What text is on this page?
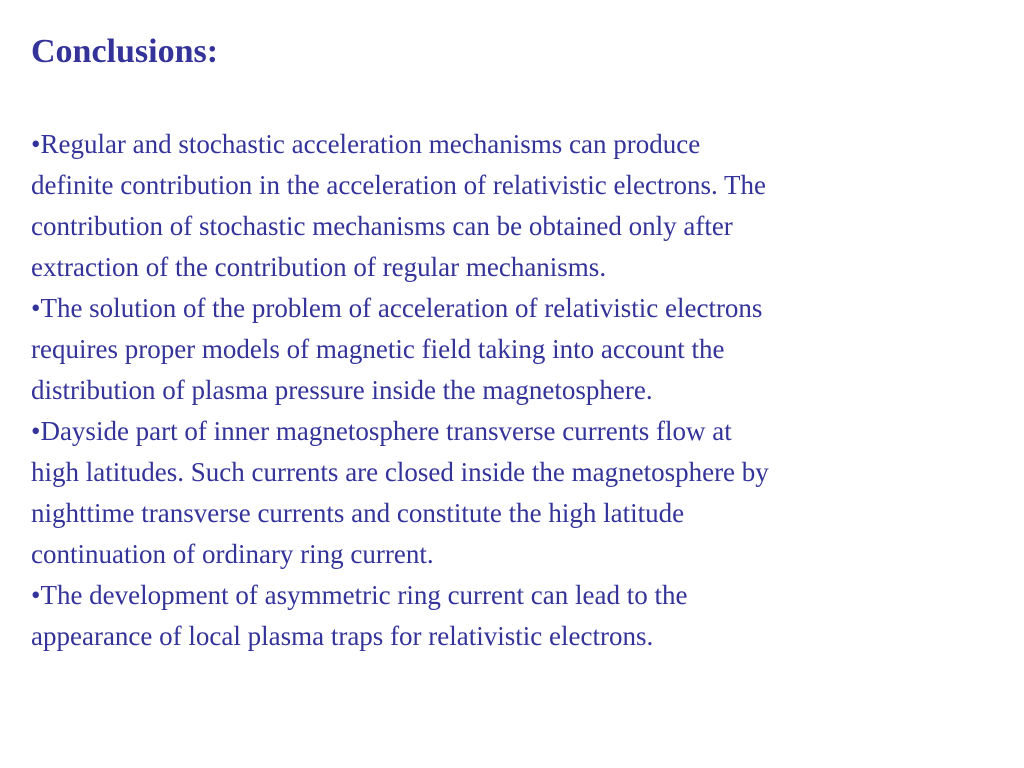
Conclusions:
•Regular and stochastic acceleration mechanisms can produce
definite contribution in the acceleration of relativistic electrons. The
contribution of stochastic mechanisms can be obtained only after
extraction of the contribution of regular mechanisms.
•The solution of the problem of acceleration of relativistic electrons
requires proper models of magnetic field taking into account the
distribution of plasma pressure inside the magnetosphere.
•Dayside part of inner magnetosphere transverse currents flow at
high latitudes. Such currents are closed inside the magnetosphere by
nighttime transverse currents and constitute the high latitude
continuation of ordinary ring current.
•The development of asymmetric ring current can lead to the
appearance of local plasma traps for relativistic electrons.
